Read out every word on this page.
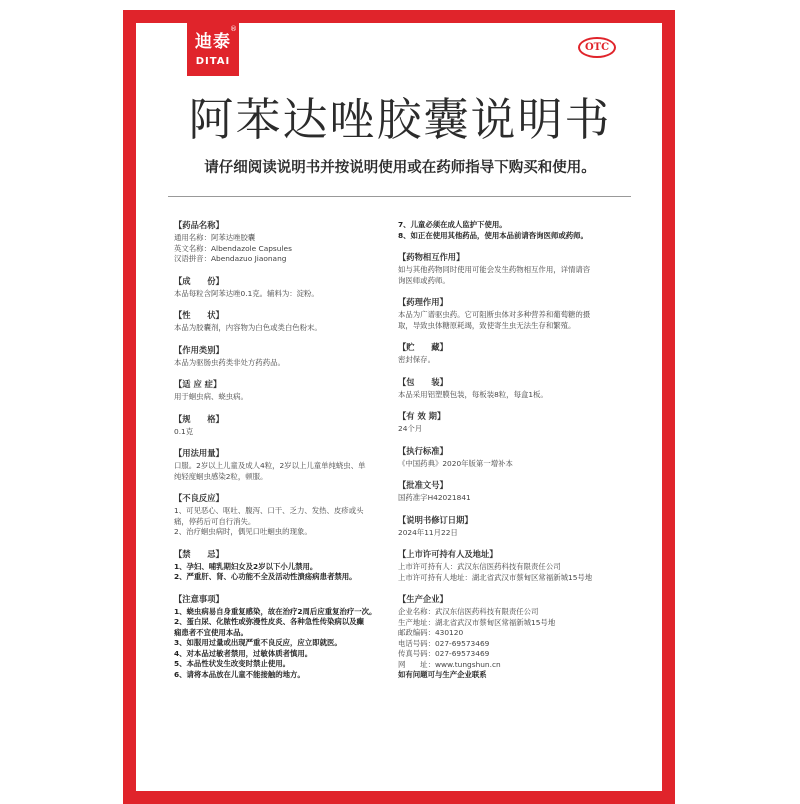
®
迪泰
DITAI
OTC
阿苯达唑胶囊说明书
请仔细阅读说明书并按说明使用或在药师指导下购买和使用。
【药品名称】
通用名称：阿苯达唑胶囊
英文名称：Albendazole Capsules
汉语拼音：Abendazuo Jiaonang
【成　　份】
本品每粒含阿苯达唑0.1克。辅料为：淀粉。
【性　　状】
本品为胶囊剂，内容物为白色或类白色粉末。
【作用类别】
本品为驱肠虫药类非处方药药品。
【适 应 症】
用于蛔虫病、蛲虫病。
【规　　格】
0.1克
【用法用量】
口服。2岁以上儿童及成人4粒，2岁以上儿童单纯蛲虫、单
纯轻度蛔虫感染2粒，顿服。
【不良反应】
1、可见恶心、呕吐、腹泻、口干、乏力、发热、皮疹或头
痛，停药后可自行消失。
2、治疗蛔虫病时，偶见口吐蛔虫的现象。
【禁　　忌】
1、孕妇、哺乳期妇女及2岁以下小儿禁用。
2、严重肝、肾、心功能不全及活动性溃疡病患者禁用。
【注意事项】
1、蛲虫病易自身重复感染，故在治疗2周后应重复治疗一次。
2、蛋白尿、化脓性或弥漫性皮炎、各种急性传染病以及癫
痫患者不宜使用本品。
3、如服用过量或出现严重不良反应，应立即就医。
4、对本品过敏者禁用，过敏体质者慎用。
5、本品性状发生改变时禁止使用。
6、请将本品放在儿童不能接触的地方。
7、儿童必须在成人监护下使用。
8、如正在使用其他药品，使用本品前请咨询医师或药师。
【药物相互作用】
如与其他药物同时使用可能会发生药物相互作用，详情请咨
询医师或药师。
【药理作用】
本品为广谱驱虫药。它可阻断虫体对多种营养和葡萄糖的摄
取，导致虫体糖原耗竭，致使寄生虫无法生存和繁殖。
【贮　　藏】
密封保存。
【包　　装】
本品采用铝塑膜包装，每板装8粒，每盒1板。
【有 效 期】
24个月
【执行标准】
《中国药典》2020年版第一增补本
【批准文号】
国药准字H42021841
【说明书修订日期】
2024年11月22日
【上市许可持有人及地址】
上市许可持有人：武汉东信医药科技有限责任公司
上市许可持有人地址：湖北省武汉市蔡甸区常福新城15号地
【生产企业】
企业名称：武汉东信医药科技有限责任公司
生产地址：湖北省武汉市蔡甸区常福新城15号地
邮政编码：430120
电话号码：027-69573469
传真号码：027-69573469
网　　址：www.tungshun.cn
如有问题可与生产企业联系
